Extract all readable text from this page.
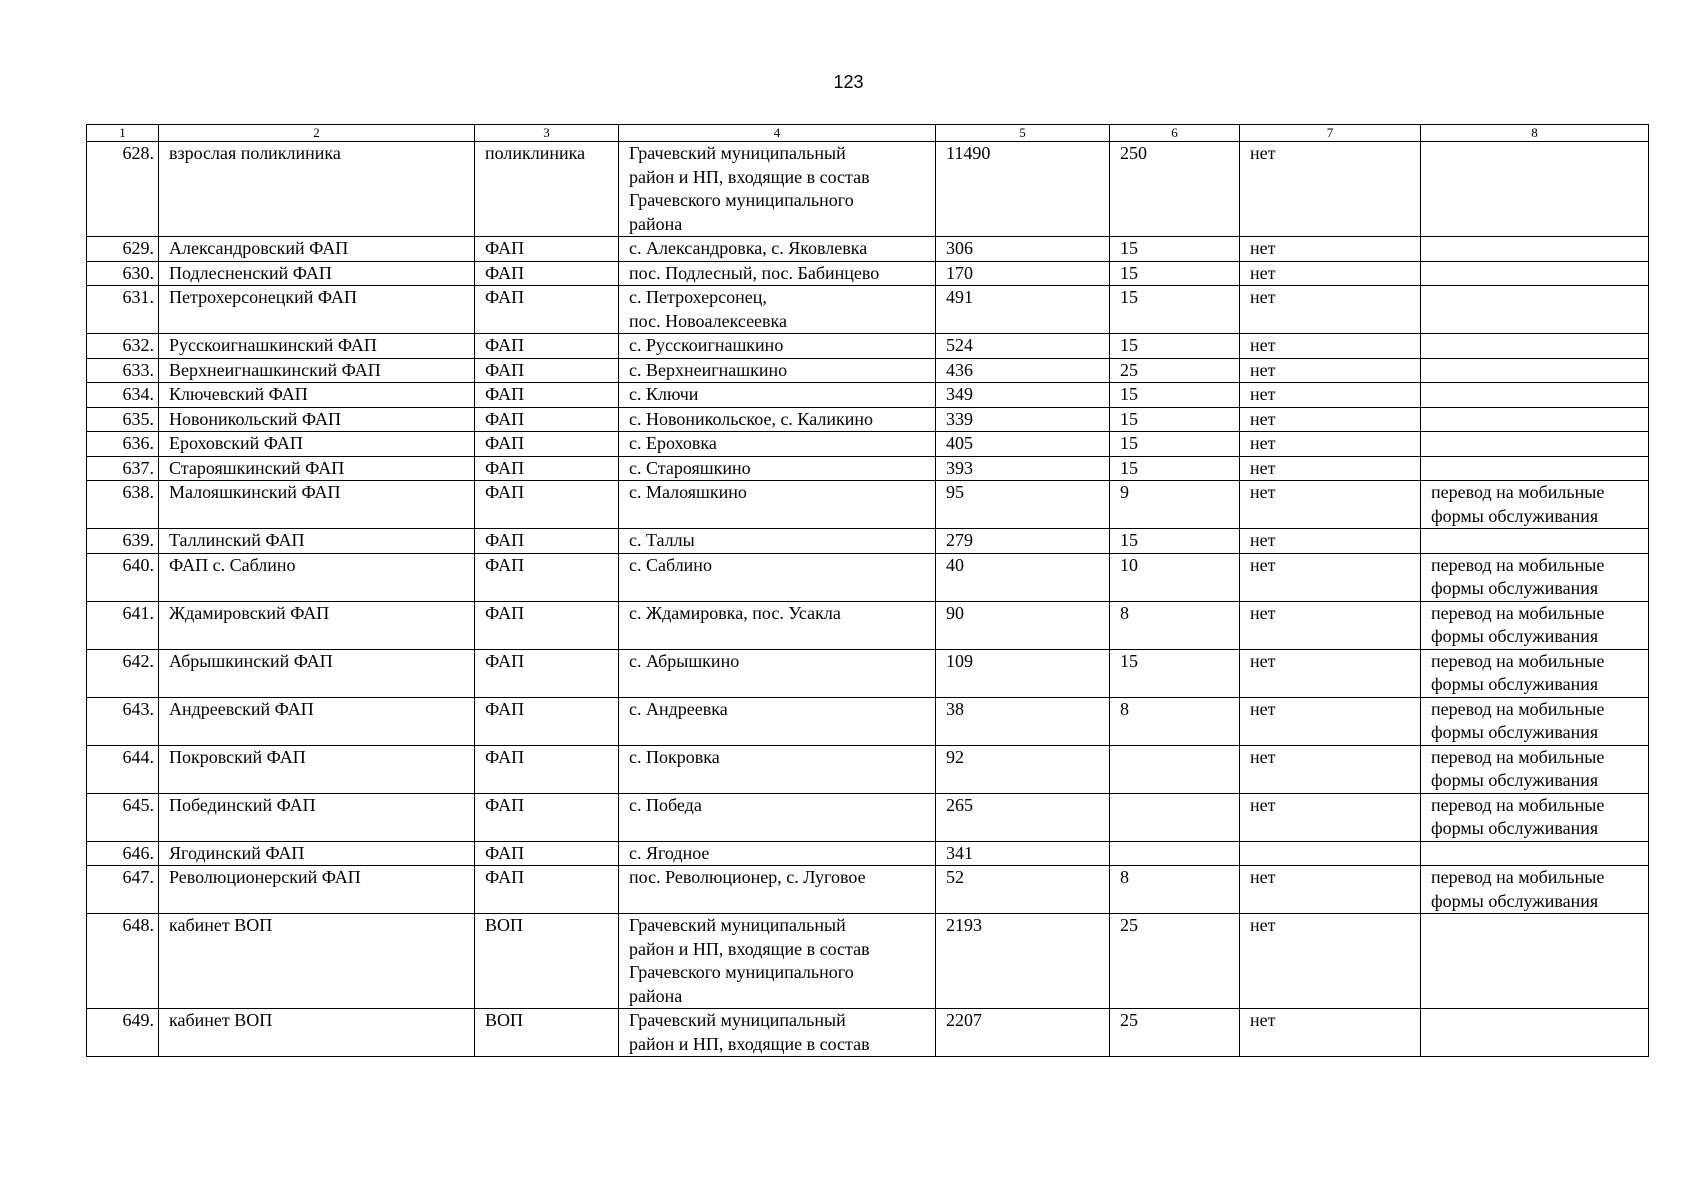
123
1	2	3	4	5	6	7	8
628.	взрослая поликлиника	поликлиника	Грачевский муниципальный
район и НП, входящие в состав
Грачевского муниципального
района	11490	250	нет	
629.	Александровский ФАП	ФАП	с. Александровка, с. Яковлевка	306	15	нет	
630.	Подлесненский ФАП	ФАП	пос. Подлесный, пос. Бабинцево	170	15	нет	
631.	Петрохерсонецкий ФАП	ФАП	с. Петрохерсонец,
пос. Новоалексеевка	491	15	нет	
632.	Русскоигнашкинский ФАП	ФАП	с. Русскоигнашкино	524	15	нет	
633.	Верхнеигнашкинский ФАП	ФАП	с. Верхнеигнашкино	436	25	нет	
634.	Ключевский ФАП	ФАП	с. Ключи	349	15	нет	
635.	Новоникольский ФАП	ФАП	с. Новоникольское, с. Каликино	339	15	нет	
636.	Ероховский ФАП	ФАП	с. Ероховка	405	15	нет	
637.	Старояшкинский ФАП	ФАП	с. Старояшкино	393	15	нет	
638.	Малояшкинский ФАП	ФАП	с. Малояшкино	95	9	нет	перевод на мобильные
формы обслуживания

639.	Таллинский ФАП	ФАП	с. Таллы	279	15	нет	
640.	ФАП с. Саблино	ФАП	с. Саблино	40	10	нет	перевод на мобильные
формы обслуживания

641.	Ждамировский ФАП	ФАП	с. Ждамировка, пос. Усакла	90	8	нет	перевод на мобильные
формы обслуживания

642.	Абрышкинский ФАП	ФАП	с. Абрышкино	109	15	нет	перевод на мобильные
формы обслуживания

643.	Андреевский ФАП	ФАП	с. Андреевка	38	8	нет	перевод на мобильные
формы обслуживания

644.	Покровский ФАП	ФАП	с. Покровка	92		нет	перевод на мобильные
формы обслуживания

645.	Побединский ФАП	ФАП	с. Победа	265		нет	перевод на мобильные
формы обслуживания

646.	Ягодинский ФАП	ФАП	с. Ягодное	341			
647.	Революционерский ФАП	ФАП	пос. Революционер, с. Луговое	52	8	нет	перевод на мобильные
формы обслуживания

648.	кабинет ВОП	ВОП	Грачевский муниципальный
район и НП, входящие в состав
Грачевского муниципального
района	2193	25	нет	
649.	кабинет ВОП	ВОП	Грачевский муниципальный
район и НП, входящие в состав	2207	25	нет	
